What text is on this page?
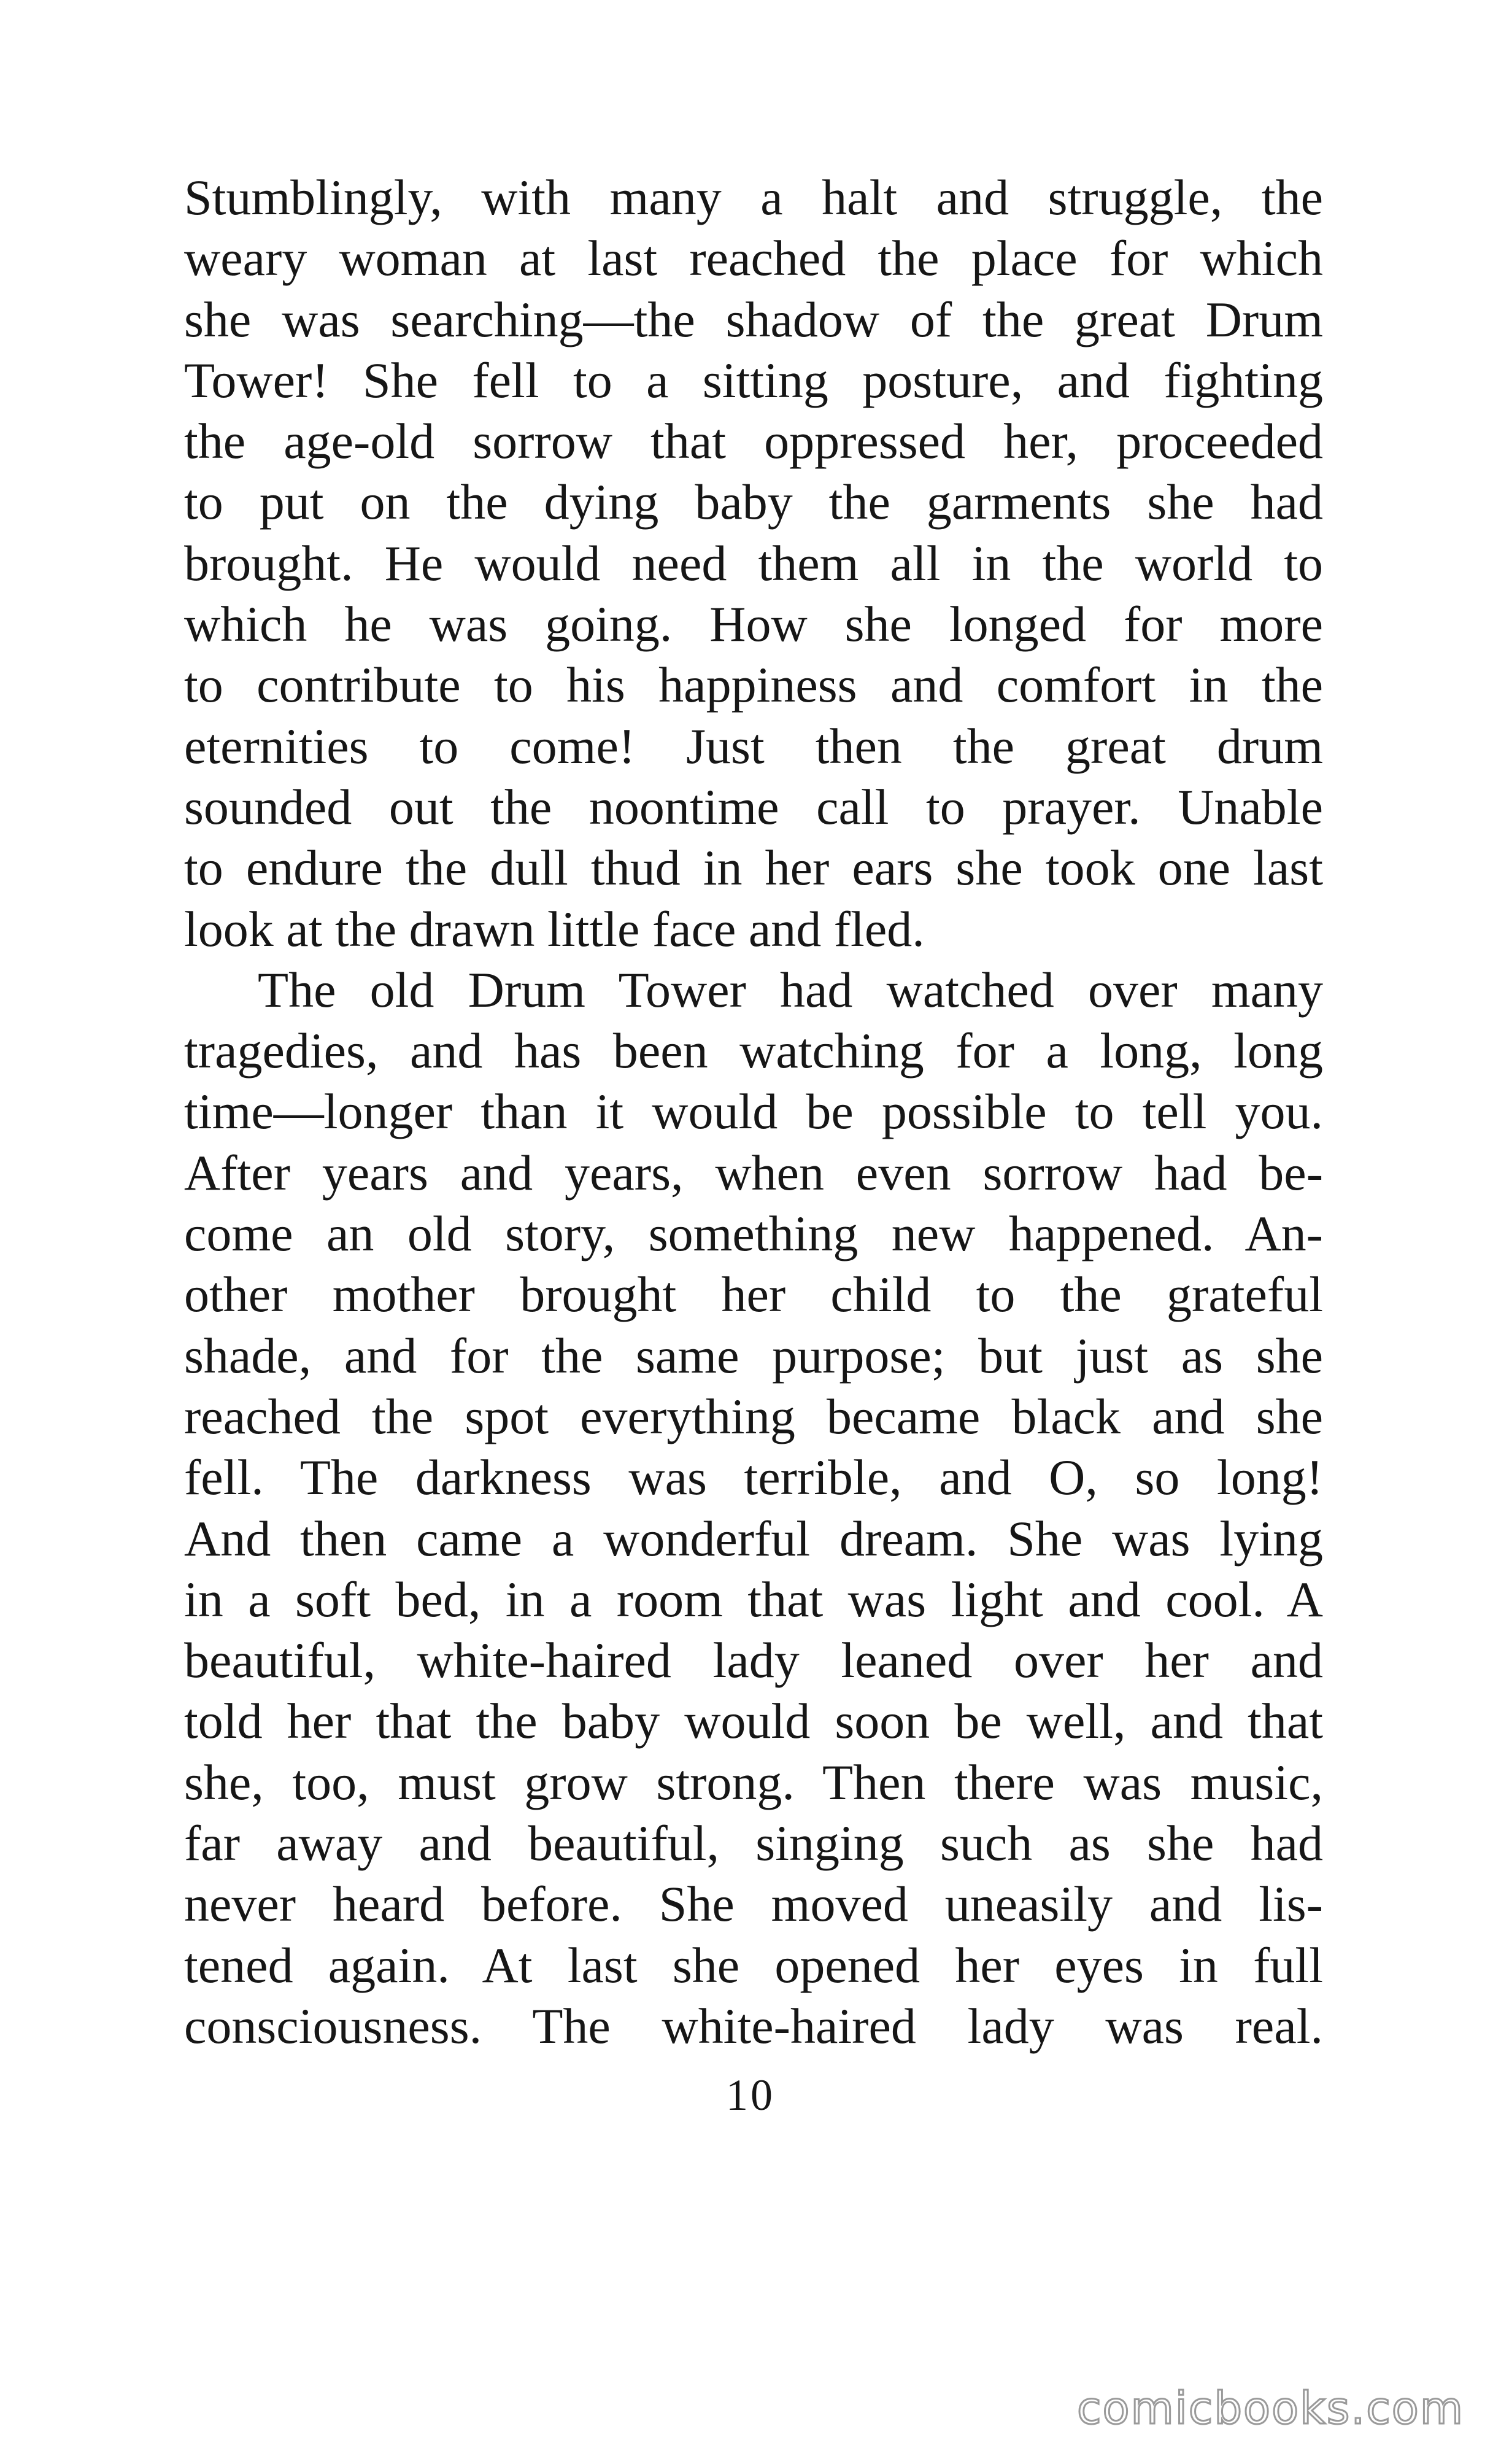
Stumblingly, with many a halt and struggle, the
weary woman at last reached the place for which
she was searching—the shadow of the great Drum
Tower! She fell to a sitting posture, and fighting
the age-old sorrow that oppressed her, proceeded
to put on the dying baby the garments she had
brought. He would need them all in the world to
which he was going. How she longed for more
to contribute to his happiness and comfort in the
eternities to come! Just then the great drum
sounded out the noontime call to prayer. Unable
to endure the dull thud in her ears she took one last
look at the drawn little face and fled.
The old Drum Tower had watched over many
tragedies, and has been watching for a long, long
time—longer than it would be possible to tell you.
After years and years, when even sorrow had be-
come an old story, something new happened. An-
other mother brought her child to the grateful
shade, and for the same purpose; but just as she
reached the spot everything became black and she
fell. The darkness was terrible, and O, so long!
And then came a wonderful dream. She was lying
in a soft bed, in a room that was light and cool. A
beautiful, white-haired lady leaned over her and
told her that the baby would soon be well, and that
she, too, must grow strong. Then there was music,
far away and beautiful, singing such as she had
never heard before. She moved uneasily and lis-
tened again. At last she opened her eyes in full
consciousness. The white-haired lady was real.
10
comicbooks.com
